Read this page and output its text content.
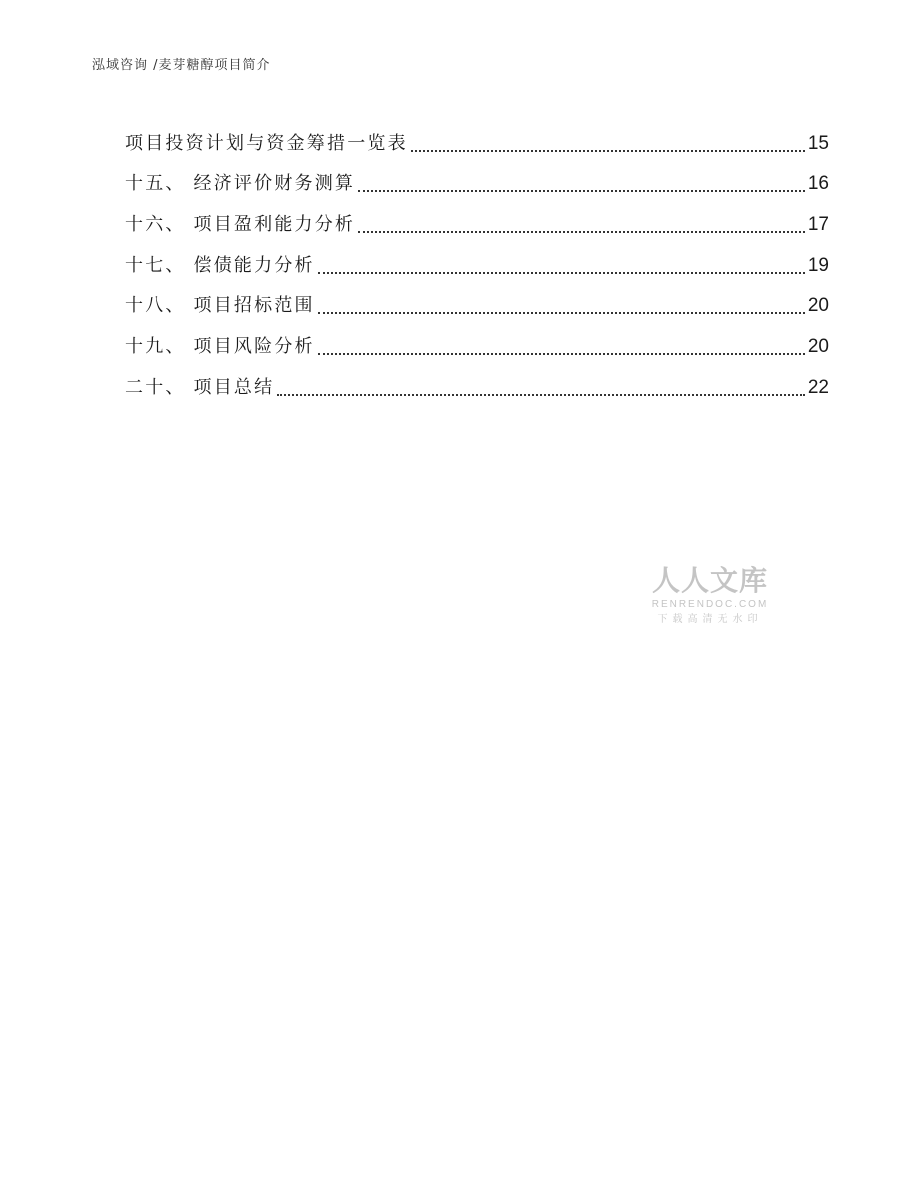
泓域咨询 /麦芽糖醇项目简介
项目投资计划与资金筹措一览表	15
十五、 经济评价财务测算	16
十六、 项目盈利能力分析	17
十七、 偿债能力分析	19
十八、 项目招标范围	20
十九、 项目风险分析	20
二十、 项目总结	22
人人文库
RENRENDOC.COM
下载高清无水印
